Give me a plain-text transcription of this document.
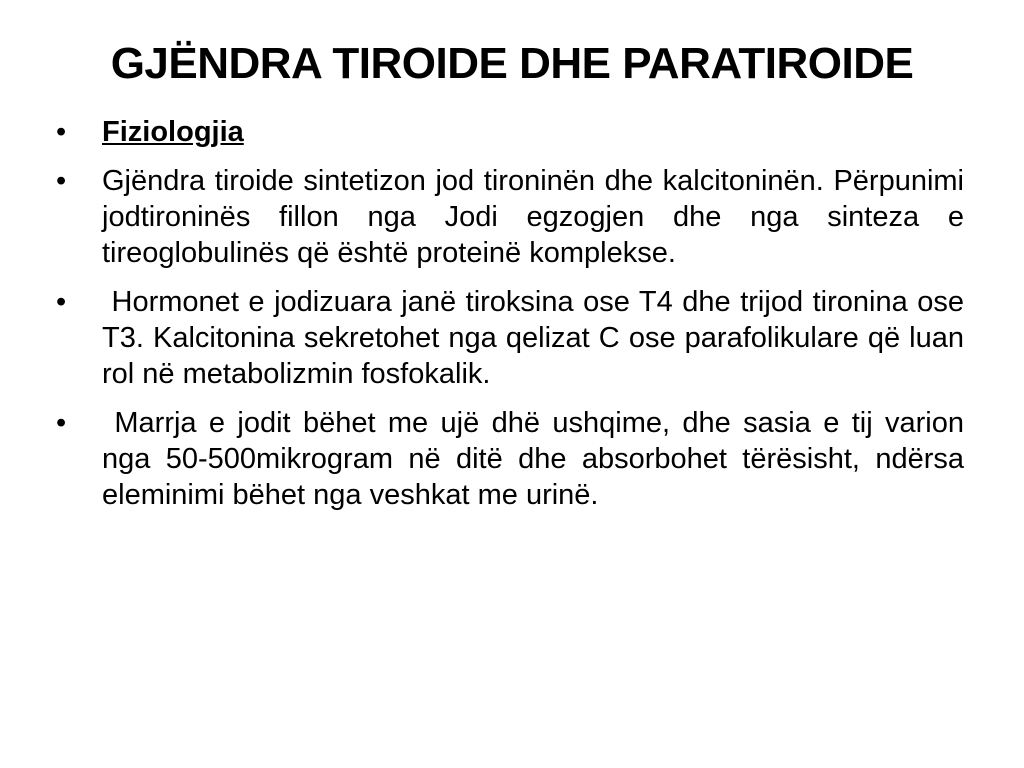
GJËNDRA TIROIDE DHE PARATIROIDE
•	Fiziologjia
•	Gjëndra tiroide sintetizon jod tironinën dhe kalcitoninën. Përpunimi jodtironinës fillon nga Jodi egzogjen dhe nga sinteza e tireoglobulinës që është proteinë komplekse.
•	Hormonet e jodizuara janë tiroksina ose T4 dhe trijod tironina ose T3. Kalcitonina sekretohet nga qelizat C ose parafolikulare që luan rol në metabolizmin fosfokalik.
•	Marrja e jodit bëhet me ujë dhë ushqime, dhe sasia e tij varion nga 50-500mikrogram në ditë dhe absorbohet tërësisht, ndërsa eleminimi bëhet nga veshkat me urinë.
